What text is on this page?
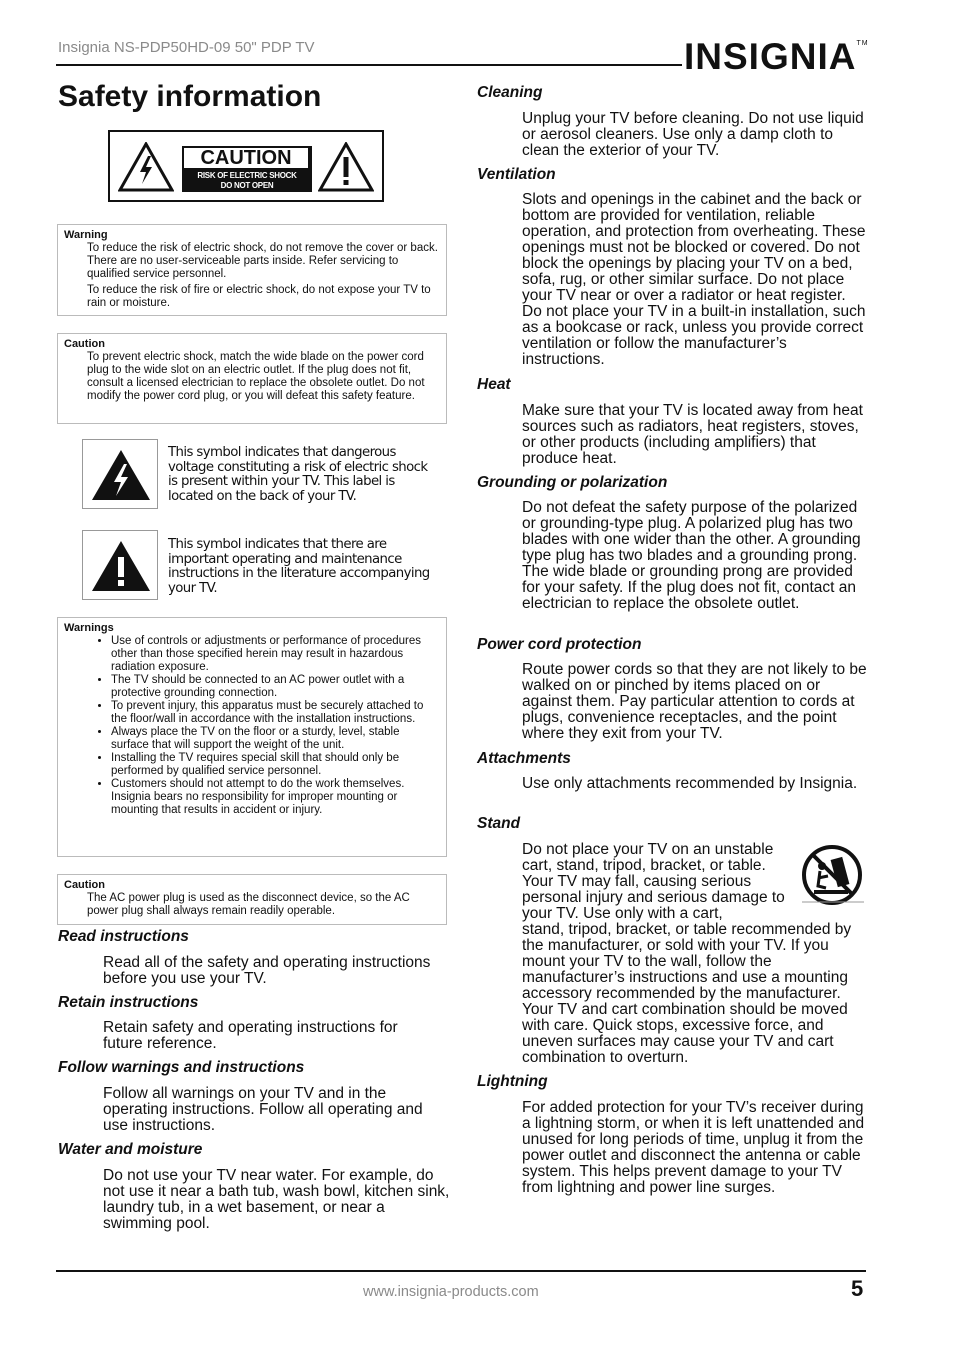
Insignia NS-PDP50HD-09 50" PDP TV	INSIGNIA™
Safety information
CAUTION
RISK OF ELECTRIC SHOCK
DO NOT OPEN
Warning
To reduce the risk of electric shock, do not remove the cover or back. There are no user-serviceable parts inside. Refer servicing to qualified service personnel.
To reduce the risk of fire or electric shock, do not expose your TV to rain or moisture.
Caution
To prevent electric shock, match the wide blade on the power cord plug to the wide slot on an electric outlet. If the plug does not fit, consult a licensed electrician to replace the obsolete outlet. Do not modify the power cord plug, or you will defeat this safety feature.
This symbol indicates that dangerous voltage constituting a risk of electric shock is present within your TV. This label is located on the back of your TV.
This symbol indicates that there are important operating and maintenance instructions in the literature accompanying your TV.
Warnings
• Use of controls or adjustments or performance of procedures other than those specified herein may result in hazardous radiation exposure.
• The TV should be connected to an AC power outlet with a protective grounding connection.
• To prevent injury, this apparatus must be securely attached to the floor/wall in accordance with the installation instructions.
• Always place the TV on the floor or a sturdy, level, stable surface that will support the weight of the unit.
• Installing the TV requires special skill that should only be performed by qualified service personnel.
• Customers should not attempt to do the work themselves. Insignia bears no responsibility for improper mounting or mounting that results in accident or injury.
Caution
The AC power plug is used as the disconnect device, so the AC power plug shall always remain readily operable.
Read instructions
Read all of the safety and operating instructions before you use your TV.
Retain instructions
Retain safety and operating instructions for future reference.
Follow warnings and instructions
Follow all warnings on your TV and in the operating instructions. Follow all operating and use instructions.
Water and moisture
Do not use your TV near water. For example, do not use it near a bath tub, wash bowl, kitchen sink, laundry tub, in a wet basement, or near a swimming pool.
Cleaning
Unplug your TV before cleaning. Do not use liquid or aerosol cleaners. Use only a damp cloth to clean the exterior of your TV.
Ventilation
Slots and openings in the cabinet and the back or bottom are provided for ventilation, reliable operation, and protection from overheating. These openings must not be blocked or covered. Do not block the openings by placing your TV on a bed, sofa, rug, or other similar surface. Do not place your TV near or over a radiator or heat register. Do not place your TV in a built-in installation, such as a bookcase or rack, unless you provide correct ventilation or follow the manufacturer’s instructions.
Heat
Make sure that your TV is located away from heat sources such as radiators, heat registers, stoves, or other products (including amplifiers) that produce heat.
Grounding or polarization
Do not defeat the safety purpose of the polarized or grounding-type plug. A polarized plug has two blades with one wider than the other. A grounding type plug has two blades and a grounding prong. The wide blade or grounding prong are provided for your safety. If the plug does not fit, contact an electrician to replace the obsolete outlet.
Power cord protection
Route power cords so that they are not likely to be walked on or pinched by items placed on or against them. Pay particular attention to cords at plugs, convenience receptacles, and the point where they exit from your TV.
Attachments
Use only attachments recommended by Insignia.
Stand
Do not place your TV on an unstable cart, stand, tripod, bracket, or table. Your TV may fall, causing serious personal injury and serious damage to your TV. Use only with a cart,
stand, tripod, bracket, or table recommended by the manufacturer, or sold with your TV. If you mount your TV to the wall, follow the manufacturer’s instructions and use a mounting accessory recommended by the manufacturer. Your TV and cart combination should be moved with care. Quick stops, excessive force, and uneven surfaces may cause your TV and cart combination to overturn.
Lightning
For added protection for your TV’s receiver during a lightning storm, or when it is left unattended and unused for long periods of time, unplug it from the power outlet and disconnect the antenna or cable system. This helps prevent damage to your TV from lightning and power line surges.
www.insignia-products.com	5
